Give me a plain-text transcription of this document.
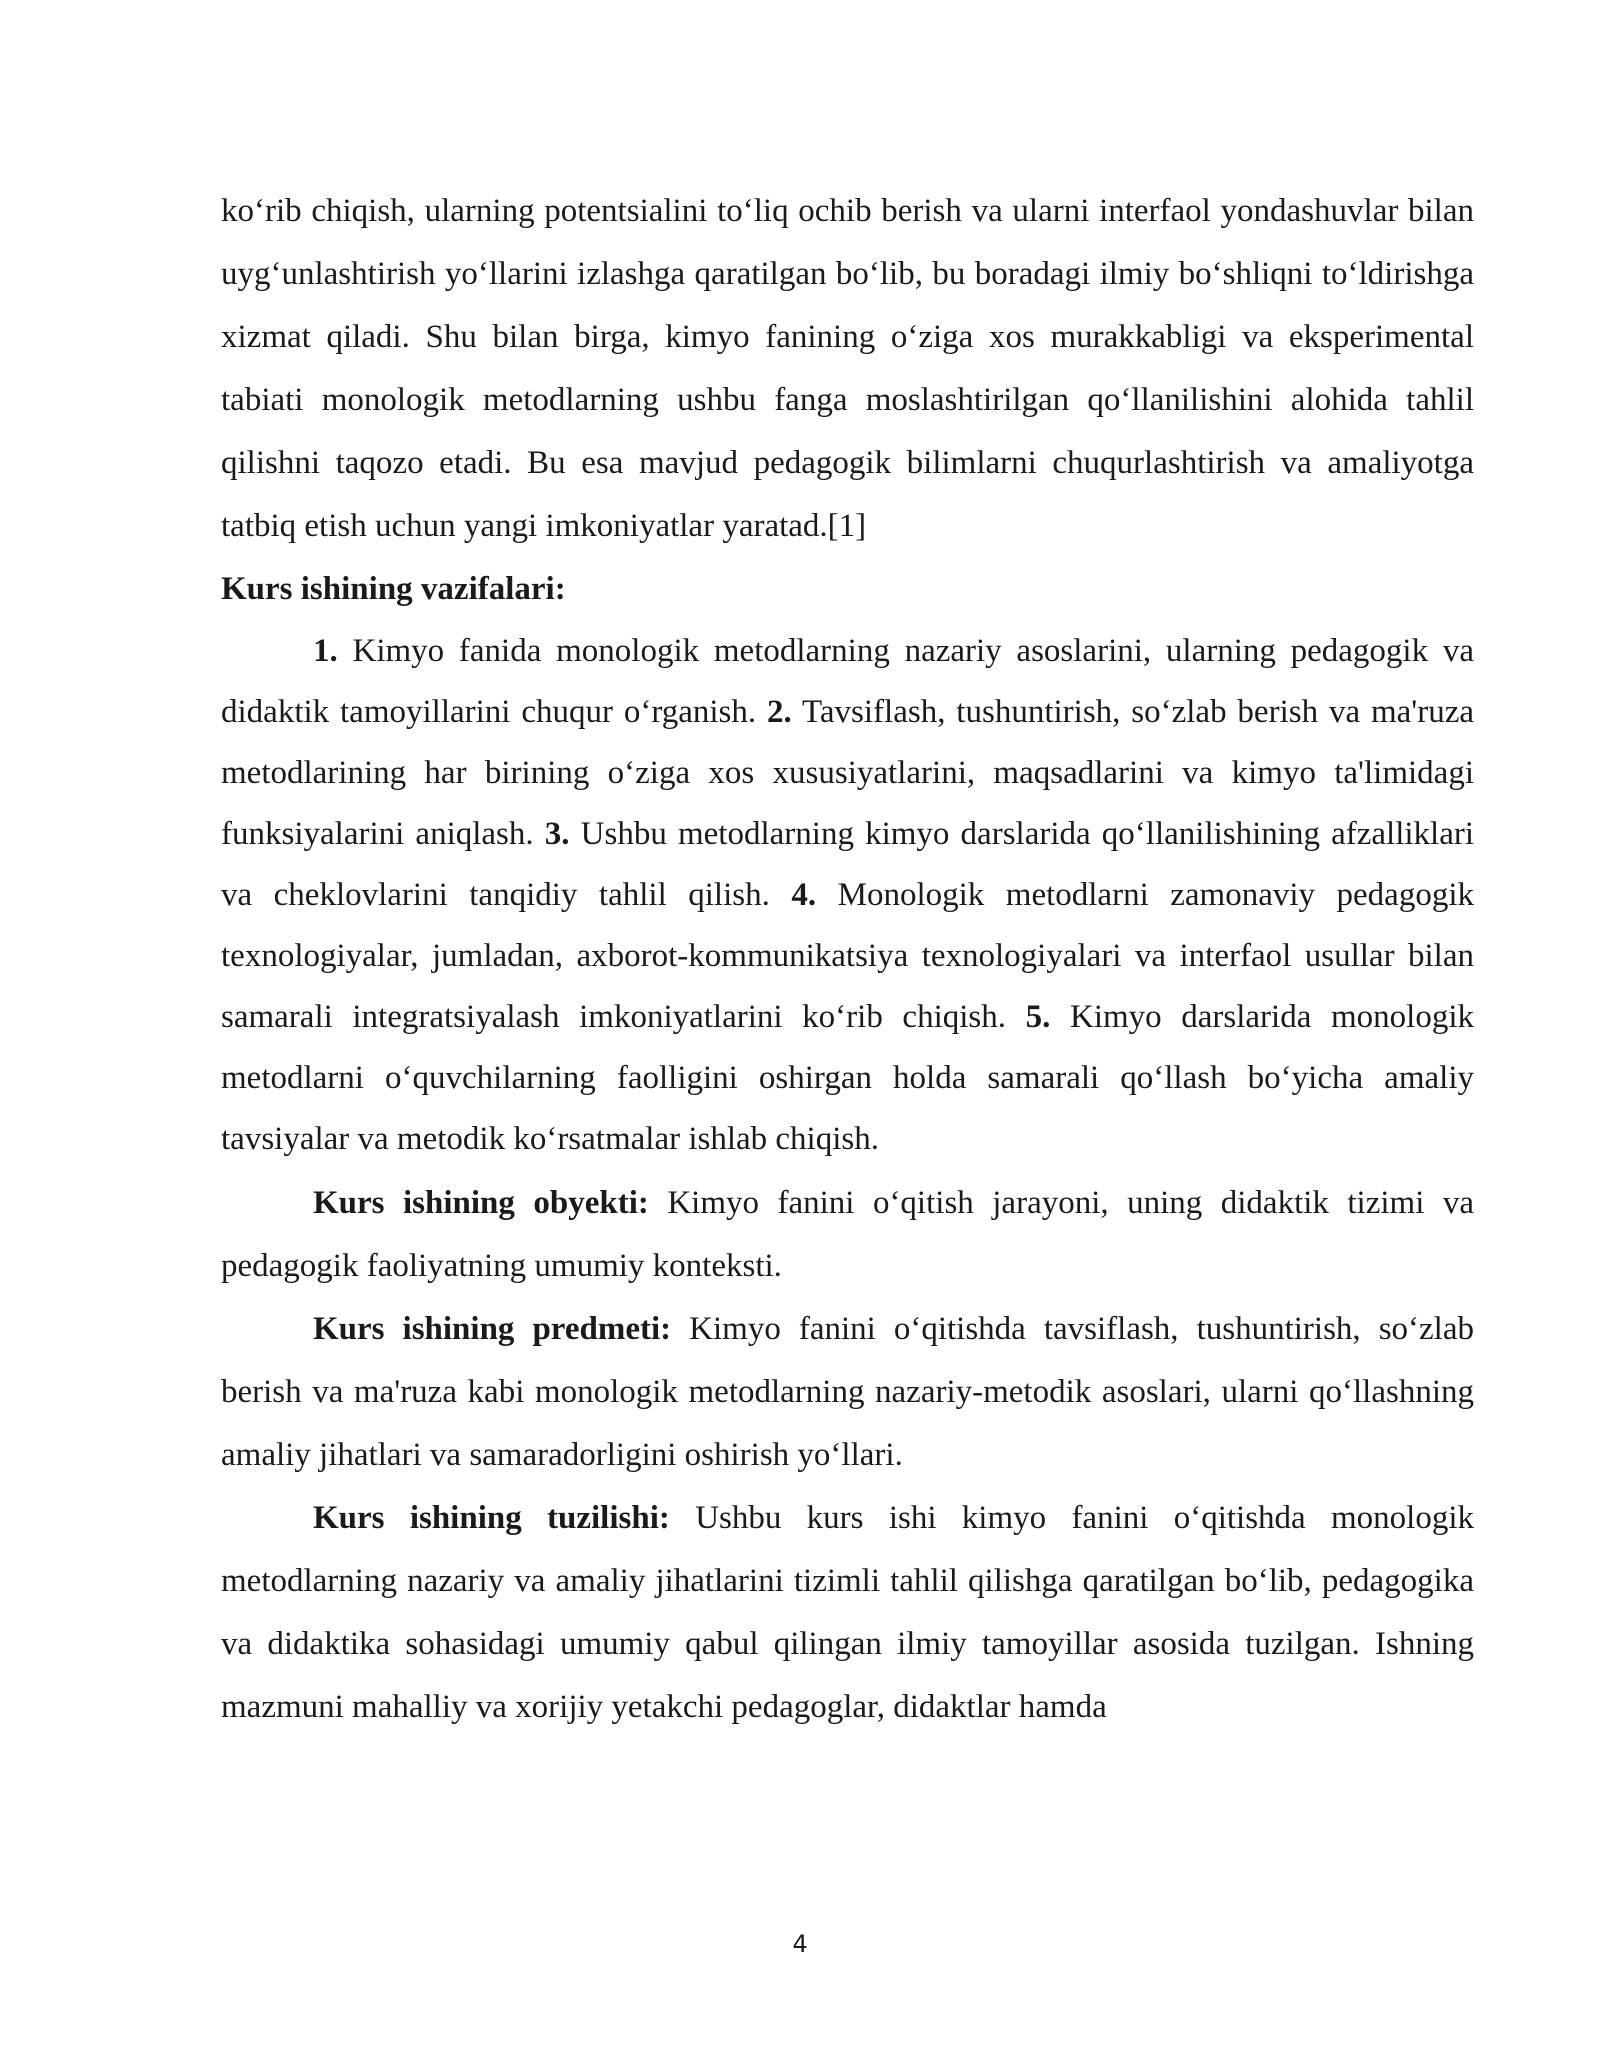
ko‘rib chiqish, ularning potentsialini to‘liq ochib berish va ularni interfaol yondashuvlar bilan uyg‘unlashtirish yo‘llarini izlashga qaratilgan bo‘lib, bu boradagi ilmiy bo‘shliqni to‘ldirishga xizmat qiladi. Shu bilan birga, kimyo fanining o‘ziga xos murakkabligi va eksperimental tabiati monologik metodlarning ushbu fanga moslashtirilgan qo‘llanilishini alohida tahlil qilishni taqozo etadi. Bu esa mavjud pedagogik bilimlarni chuqurlashtirish va amaliyotga tatbiq etish uchun yangi imkoniyatlar yaratad.[1]

Kurs ishining vazifalari:

1. Kimyo fanida monologik metodlarning nazariy asoslarini, ularning pedagogik va didaktik tamoyillarini chuqur o‘rganish. 2. Tavsiflash, tushuntirish, so‘zlab berish va ma'ruza metodlarining har birining o‘ziga xos xususiyatlarini, maqsadlarini va kimyo ta'limidagi funksiyalarini aniqlash. 3. Ushbu metodlarning kimyo darslarida qo‘llanilishining afzalliklari va cheklovlarini tanqidiy tahlil qilish. 4. Monologik metodlarni zamonaviy pedagogik texnologiyalar, jumladan, axborot-kommunikatsiya texnologiyalari va interfaol usullar bilan samarali integratsiyalash imkoniyatlarini ko‘rib chiqish. 5. Kimyo darslarida monologik metodlarni o‘quvchilarning faolligini oshirgan holda samarali qo‘llash bo‘yicha amaliy tavsiyalar va metodik ko‘rsatmalar ishlab chiqish.

Kurs ishining obyekti: Kimyo fanini o‘qitish jarayoni, uning didaktik tizimi va pedagogik faoliyatning umumiy konteksti.

Kurs ishining predmeti: Kimyo fanini o‘qitishda tavsiflash, tushuntirish, so‘zlab berish va ma'ruza kabi monologik metodlarning nazariy-metodik asoslari, ularni qo‘llashning amaliy jihatlari va samaradorligini oshirish yo‘llari.

Kurs ishining tuzilishi: Ushbu kurs ishi kimyo fanini o‘qitishda monologik metodlarning nazariy va amaliy jihatlarini tizimli tahlil qilishga qaratilgan bo‘lib, pedagogika va didaktika sohasidagi umumiy qabul qilingan ilmiy tamoyillar asosida tuzilgan. Ishning mazmuni mahalliy va xorijiy yetakchi pedagoglar, didaktlar hamda

4
